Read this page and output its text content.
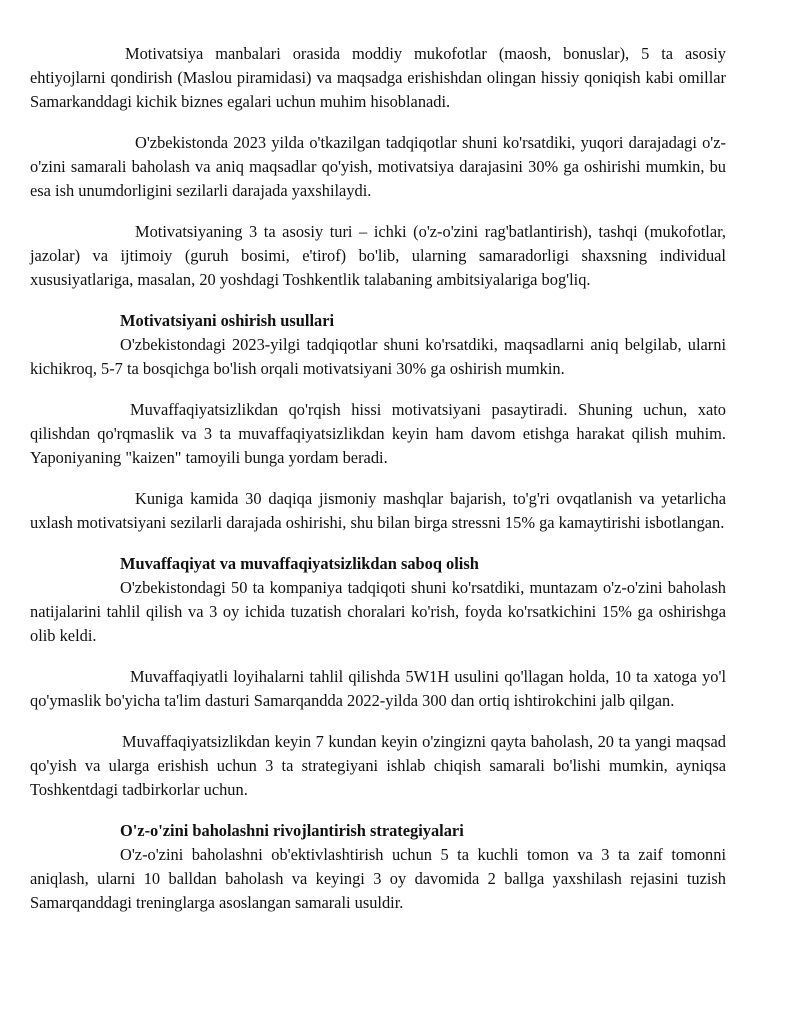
Motivatsiya manbalari orasida moddiy mukofotlar (maosh, bonuslar), 5 ta asosiy ehtiyojlarni qondirish (Maslou piramidasi) va maqsadga erishishdan olingan hissiy qoniqish kabi omillar Samarkanddagi kichik biznes egalari uchun muhim hisoblanadi.

O'zbekistonda 2023 yilda o'tkazilgan tadqiqotlar shuni ko'rsatdiki, yuqori darajadagi o'z-o'zini samarali baholash va aniq maqsadlar qo'yish, motivatsiya darajasini 30% ga oshirishi mumkin, bu esa ish unumdorligini sezilarli darajada yaxshilaydi.

Motivatsiyaning 3 ta asosiy turi – ichki (o'z-o'zini rag'batlantirish), tashqi (mukofotlar, jazolar) va ijtimoiy (guruh bosimi, e'tirof) bo'lib, ularning samaradorligi shaxsning individual xususiyatlariga, masalan, 20 yoshdagi Toshkentlik talabaning ambitsiyalariga bog'liq.

Motivatsiyani oshirish usullari

O'zbekistondagi 2023-yilgi tadqiqotlar shuni ko'rsatdiki, maqsadlarni aniq belgilab, ularni kichikroq, 5-7 ta bosqichga bo'lish orqali motivatsiyani 30% ga oshirish mumkin.

Muvaffaqiyatsizlikdan qo'rqish hissi motivatsiyani pasaytiradi. Shuning uchun, xato qilishdan qo'rqmaslik va 3 ta muvaffaqiyatsizlikdan keyin ham davom etishga harakat qilish muhim. Yaponiyaning "kaizen" tamoyili bunga yordam beradi.

Kuniga kamida 30 daqiqa jismoniy mashqlar bajarish, to'g'ri ovqatlanish va yetarlicha uxlash motivatsiyani sezilarli darajada oshirishi, shu bilan birga stressni 15% ga kamaytirishi isbotlangan.

Muvaffaqiyat va muvaffaqiyatsizlikdan saboq olish

O'zbekistondagi 50 ta kompaniya tadqiqoti shuni ko'rsatdiki, muntazam o'z-o'zini baholash natijalarini tahlil qilish va 3 oy ichida tuzatish choralari ko'rish, foyda ko'rsatkichini 15% ga oshirishga olib keldi.

Muvaffaqiyatli loyihalarni tahlil qilishda 5W1H usulini qo'llagan holda, 10 ta xatoga yo'l qo'ymaslik bo'yicha ta'lim dasturi Samarqandda 2022-yilda 300 dan ortiq ishtirokchini jalb qilgan.

Muvaffaqiyatsizlikdan keyin 7 kundan keyin o'zingizni qayta baholash, 20 ta yangi maqsad qo'yish va ularga erishish uchun 3 ta strategiyani ishlab chiqish samarali bo'lishi mumkin, ayniqsa Toshkentdagi tadbirkorlar uchun.

O'z-o'zini baholashni rivojlantirish strategiyalari

O'z-o'zini baholashni ob'ektivlashtirish uchun 5 ta kuchli tomon va 3 ta zaif tomonni aniqlash, ularni 10 balldan baholash va keyingi 3 oy davomida 2 ballga yaxshilash rejasini tuzish Samarqanddagi treninglarga asoslangan samarali usuldir.
